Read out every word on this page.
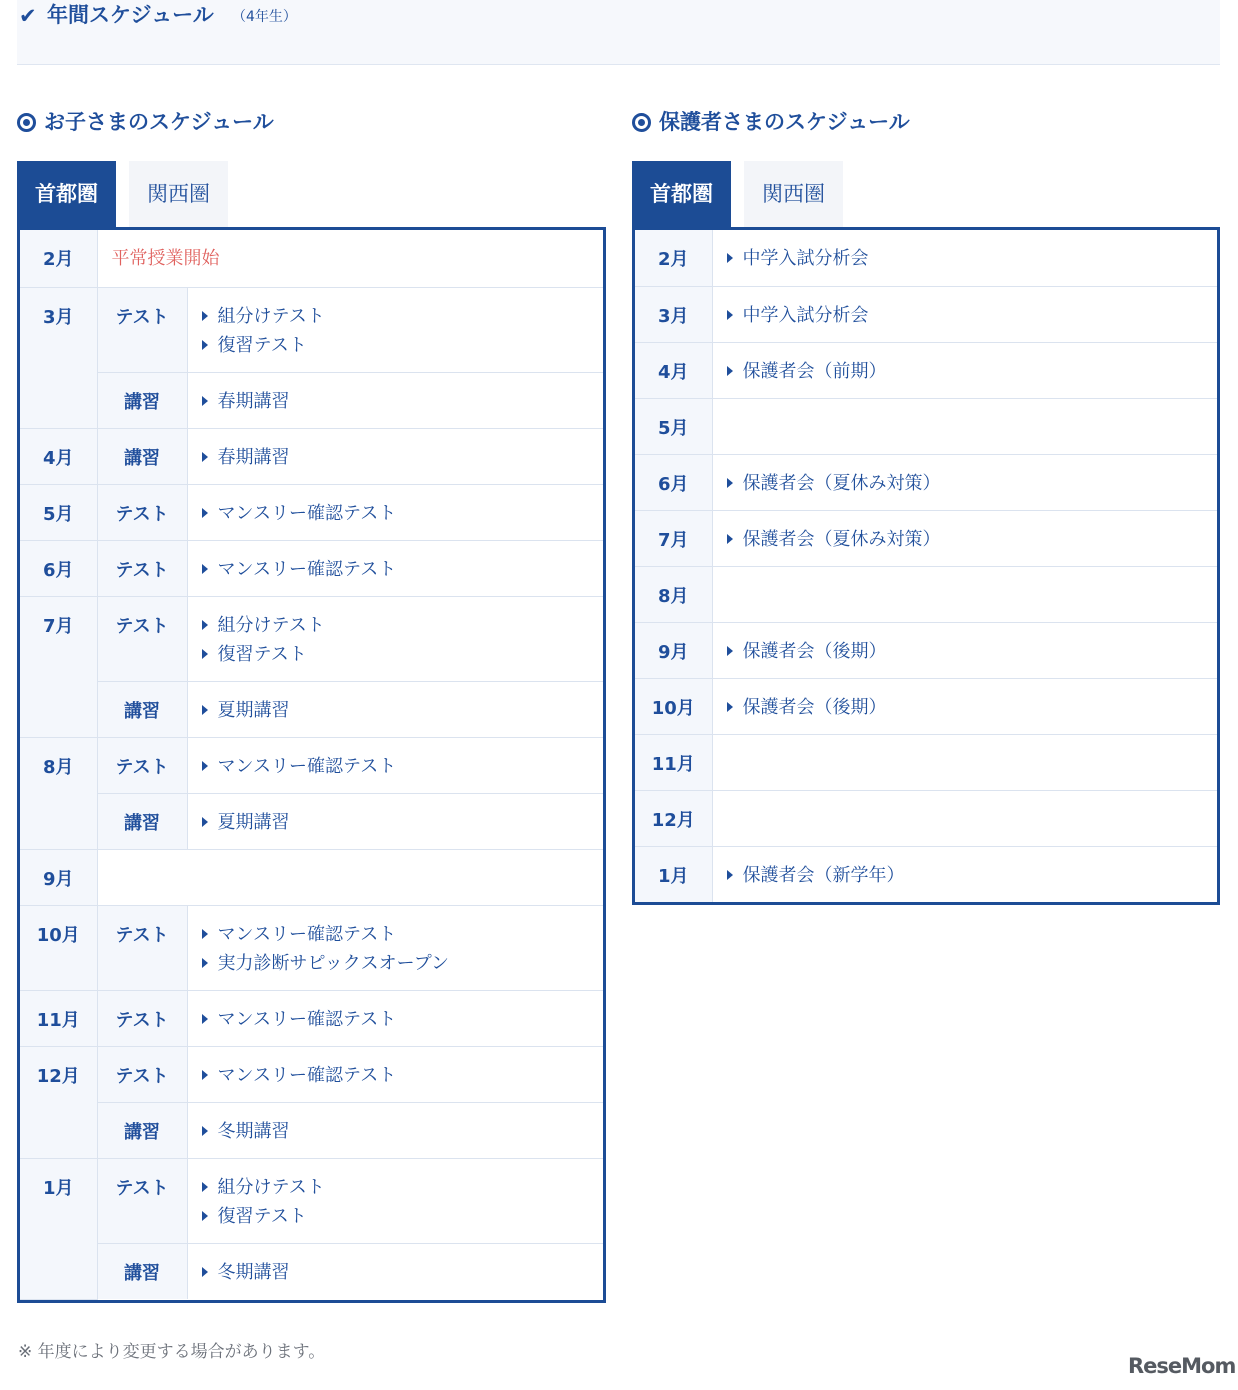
✔ 年間スケジュール （4年生）
お子さまのスケジュール
首都圏	関西圏
2月	平常授業開始	

3月	テスト	組分けテスト
復習テスト

	講習	春期講習

4月	講習	春期講習

5月	テスト	マンスリー確認テスト

6月	テスト	マンスリー確認テスト

7月	テスト	組分けテスト
復習テスト

	講習	夏期講習

8月	テスト	マンスリー確認テスト

	講習	夏期講習

9月		
10月	テスト	マンスリー確認テスト
実力診断サピックスオープン

11月	テスト	マンスリー確認テスト

12月	テスト	マンスリー確認テスト

	講習	冬期講習

1月	テスト	組分けテスト
復習テスト

	講習	冬期講習
保護者さまのスケジュール
首都圏	関西圏
2月	中学入試分析会

3月	中学入試分析会

4月	保護者会（前期）

5月	
6月	保護者会（夏休み対策）

7月	保護者会（夏休み対策）

8月	
9月	保護者会（後期）

10月	保護者会（後期）

11月	
12月	
1月	保護者会（新学年）
※ 年度により変更する場合があります。
ReseMom
